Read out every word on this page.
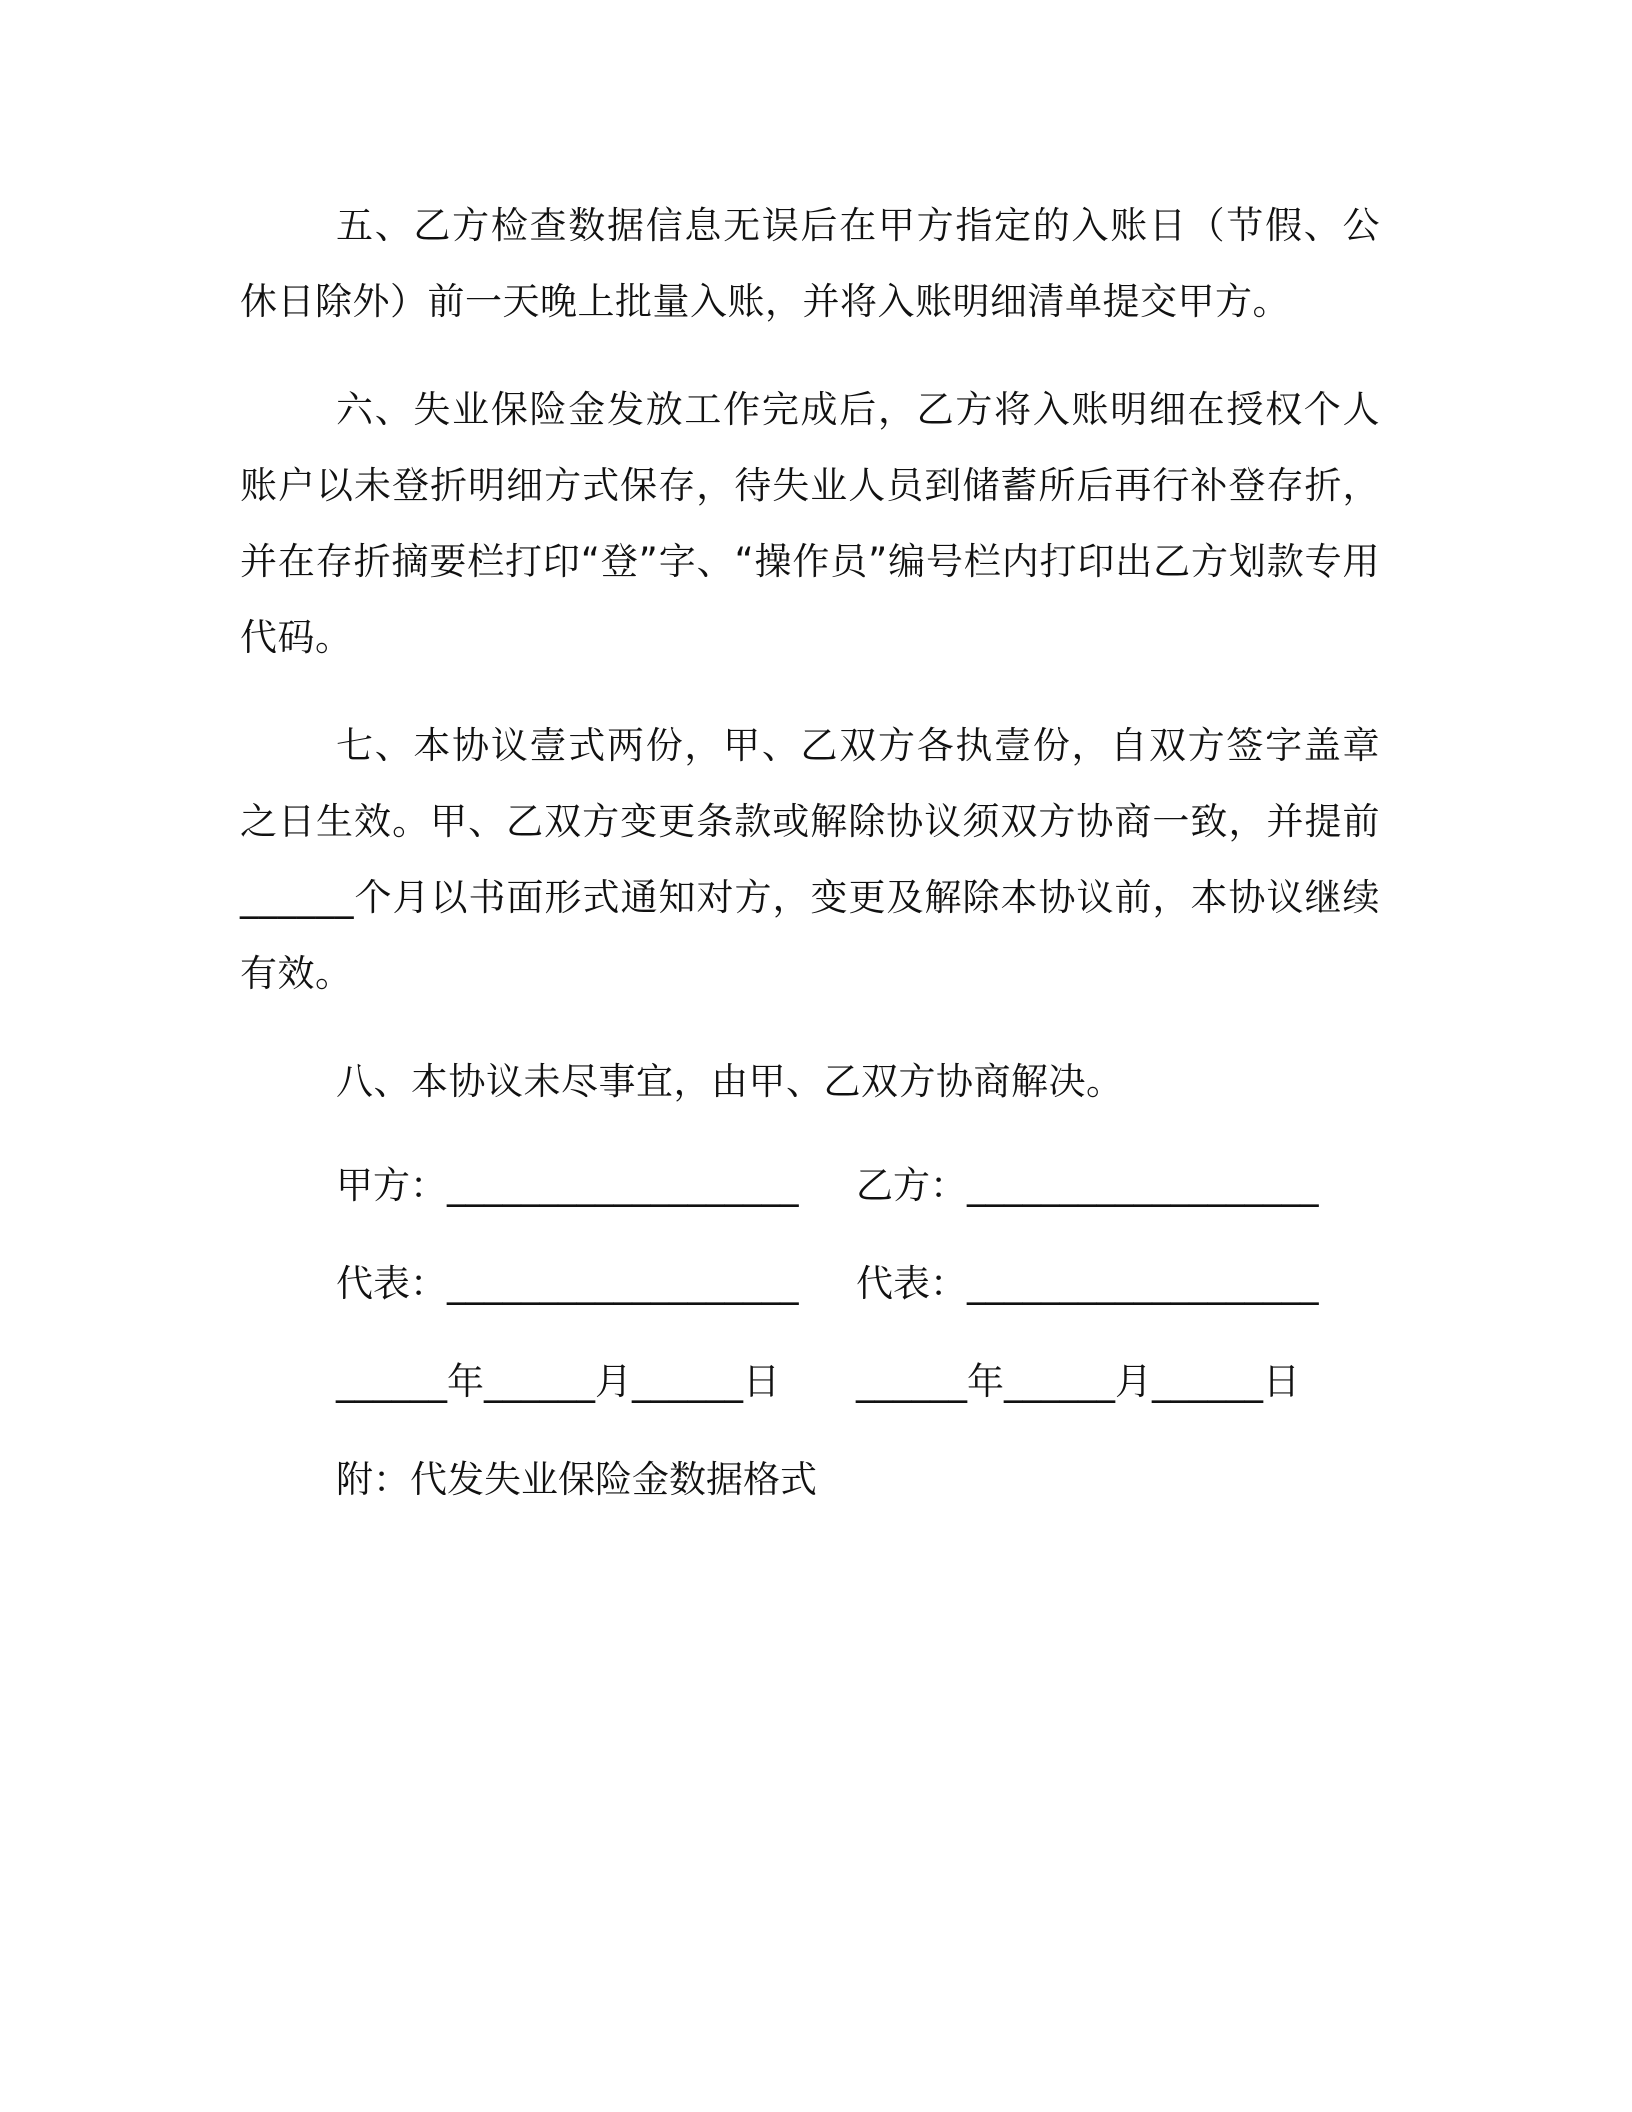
五、乙方检查数据信息无误后在甲方指定的入账日（节假、公休日除外）前一天晚上批量入账，并将入账明细清单提交甲方。

六、失业保险金发放工作完成后，乙方将入账明细在授权个人账户以未登折明细方式保存，待失业人员到储蓄所后再行补登存折，并在存折摘要栏打印“登”字、“操作员”编号栏内打印出乙方划款专用代码。

七、本协议壹式两份，甲、乙双方各执壹份，自双方签字盖章之日生效。甲、乙双方变更条款或解除协议须双方协商一致，并提前______个月以书面形式通知对方，变更及解除本协议前，本协议继续有效。

八、本协议未尽事宜，由甲、乙双方协商解决。

甲方：___________________ 乙方：___________________
代表：___________________ 代表：___________________
______年______月______日 ______年______月______日
附：代发失业保险金数据格式
